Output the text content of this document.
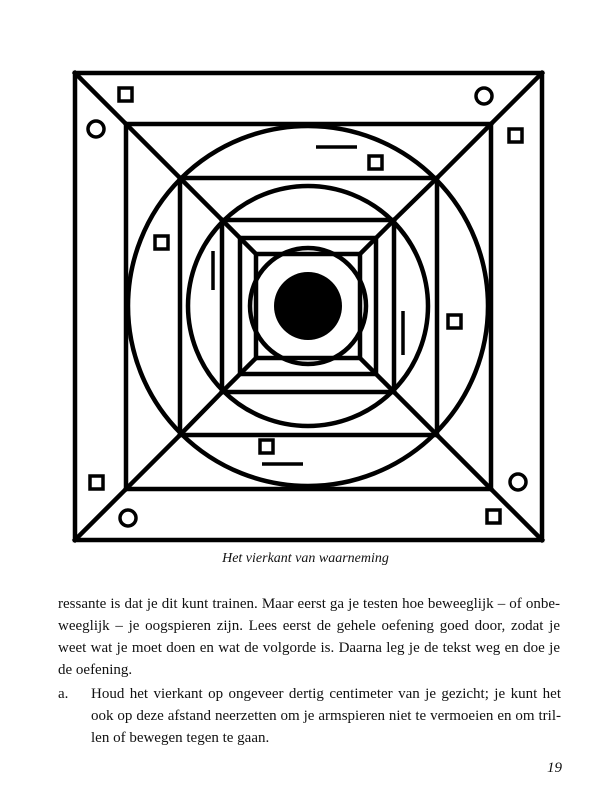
Het vierkant van waarneming

ressante is dat je dit kunt trainen. Maar eerst ga je testen hoe beweeglijk – of onbe-
weeglijk – je oogspieren zijn. Lees eerst de gehele oefening goed door, zodat je
weet wat je moet doen en wat de volgorde is. Daarna leg je de tekst weg en doe je
de oefening.

a. Houd het vierkant op ongeveer dertig centimeter van je gezicht; je kunt het
ook op deze afstand neerzetten om je armspieren niet te vermoeien en om tril-
len of bewegen tegen te gaan.
19
